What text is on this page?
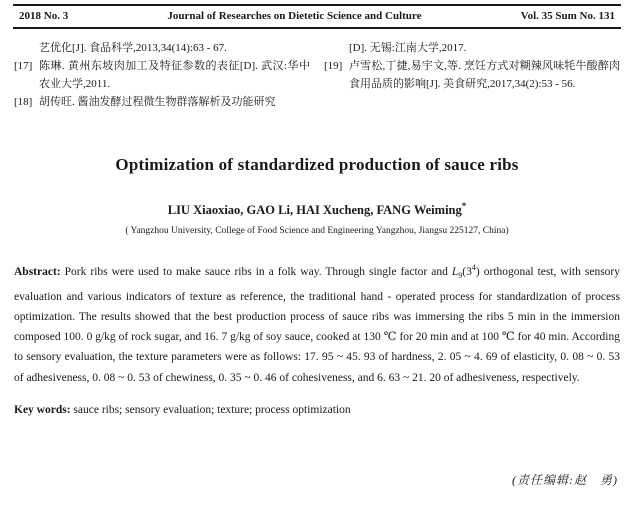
2018 No. 3	Journal of Researches on Dietetic Science and Culture	Vol. 35 Sum No. 131
艺优化[J]. 食品科学,2013,34(14):63 - 67.
[17] 陈琳. 黄州东坡肉加工及特征参数的表征[D]. 武汉:华中农业大学,2011.
[18] 胡传旺. 酱油发酵过程微生物群落解析及功能研究
[D]. 无锡:江南大学,2017.
[19] 卢雪松,丁捷,易宇文,等. 烹饪方式对糊辣风味牦牛酸醉肉食用品质的影响[J]. 美食研究,2017,34(2):53 - 56.
Optimization of standardized production of sauce ribs
LIU Xiaoxiao, GAO Li, HAI Xucheng, FANG Weiming*
( Yangzhou University, College of Food Science and Engineering Yangzhou, Jiangsu 225127, China)

Abstract: Pork ribs were used to make sauce ribs in a folk way. Through single factor and $L_9(3^4)$ orthogonal test, with sensory evaluation and various indicators of texture as reference, the traditional hand - operated process for standardization of process optimization. The results showed that the best production process of sauce ribs was immersing the ribs 5 min in the immersion composed 100. 0 g/kg of rock sugar, and 16. 7 g/kg of soy sauce, cooked at 130 ℃ for 20 min and at 100 ℃ for 40 min. According to sensory evaluation, the texture parameters were as follows: 17. 95 ~ 45. 93 of hardness, 2. 05 ~ 4. 69 of elasticity, 0. 08 ~ 0. 53 of adhesiveness, 0. 08 ~ 0. 53 of chewiness, 0. 35 ~ 0. 46 of cohesiveness, and 6. 63 ~ 21. 20 of adhesiveness, respectively.

Key words: sauce ribs; sensory evaluation; texture; process optimization

(责任编辑:赵　勇)
